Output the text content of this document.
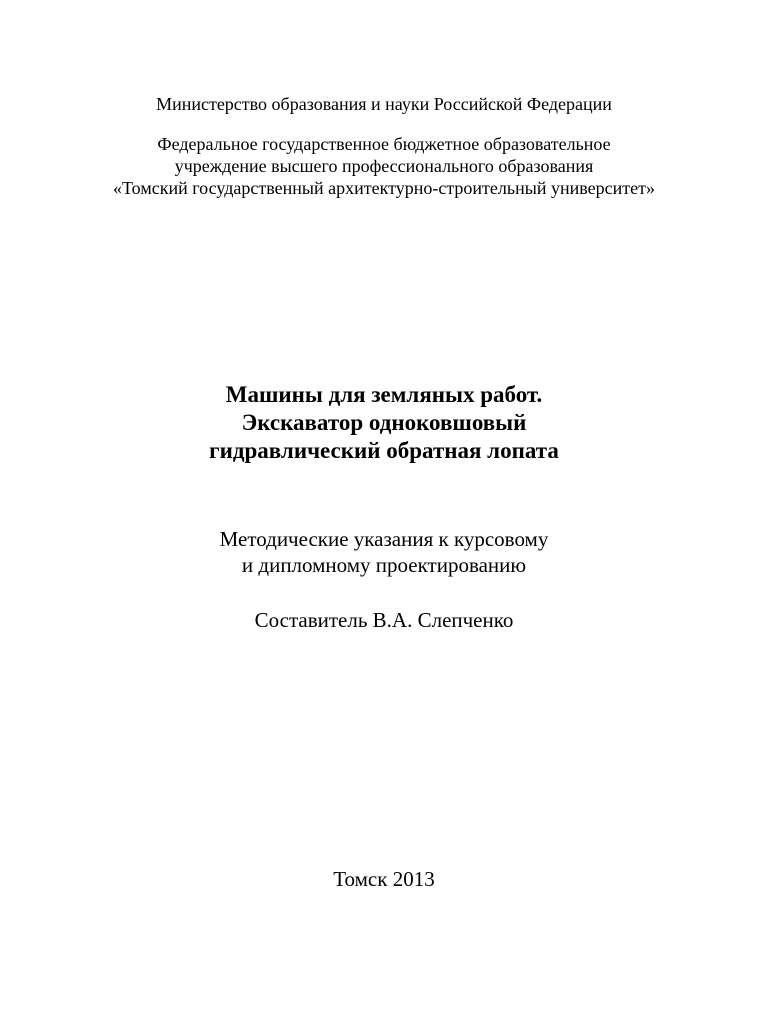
Министерство образования и науки Российской Федерации
Федеральное государственное бюджетное образовательное
учреждение высшего профессионального образования
«Томский государственный архитектурно-строительный университет»
Машины для земляных работ.
Экскаватор одноковшовый
гидравлический обратная лопата
Методические указания к курсовому
и дипломному проектированию
Составитель В.А. Слепченко
Томск 2013
